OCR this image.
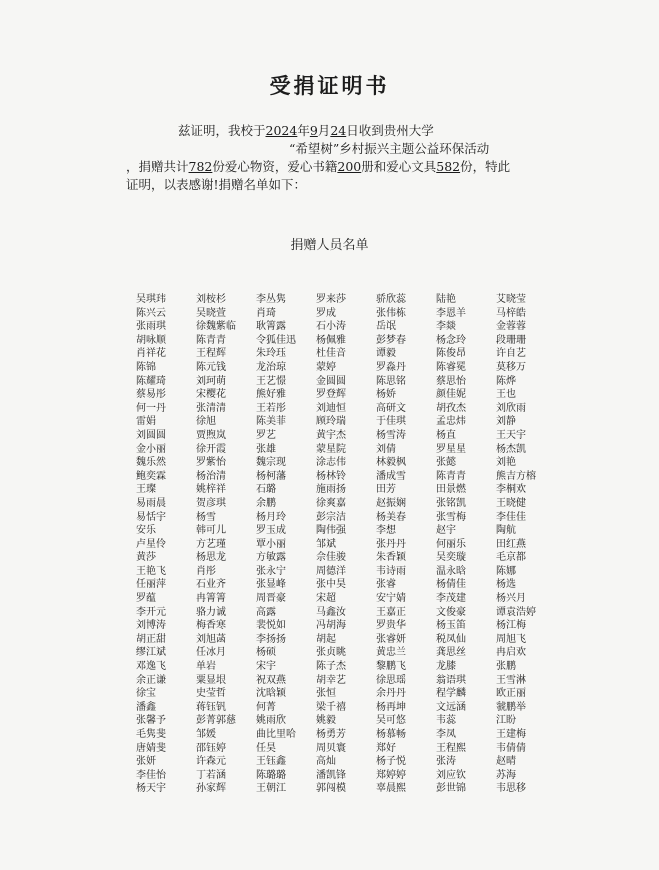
受捐证明书
兹证明，我校于2024年9月24日收到贵州大学
“希望树”乡村振兴主题公益环保活动
，捐赠共计782份爱心物资，爱心书籍200册和爱心文具582份，特此
证明，以表感谢!捐赠名单如下：
捐赠人员名单
吴琪玮	刘桉杉	李丛隽	罗来莎	骄欣蕊	陆艳	艾晓莹
陈兴云	吴晓萱	肖琦	罗成	张伟栋	李恩羊	马梓皓
张雨琪	徐魏紫临	耿箐露	石小涛	岳氓	李燚	金蓉蓉
胡咏顺	陈青青	令狐佳迅	杨佩雅	彭梦春	杨念玲	段珊珊
肖祥花	王程辉	朱玲珏	杜佳音	谭毅	陈俊昂	许自艺
陈锦	陈元钱	龙治琼	蒙婷	罗淼丹	陈睿冕	莫移万
陈耀琦	刘珂萌	王艺憬	金圆圆	陈思铭	蔡思怡	陈烨
蔡易彤	宋樱花	熊好雅	罗登辉	杨娇	颜佳妮	王也
何一丹	张清清	王若彤	刘迪恒	高研文	胡孜杰	刘欣雨
雷娟	徐旭	陈美菲	顾玲瑞	于佳琪	孟忠炜	刘静
刘圆圆	贾煦岚	罗艺	黄宇杰	杨雪涛	杨直	王天宇
金小丽	徐开霞	张雄	蒙星院	刘倩	罗星星	杨杰凯
魏乐然	罗紫怡	魏宗现	涂志伟	林毅枫	张懿	刘艳
鲍奕霖	杨治清	杨柯藩	杨林铃	潘成雪	陈青青	熊吉方榕
王璨	姚梓祥	石璐	施雨扬	田芳	田景燃	李桐欢
易雨晨	贺彦琪	余鹏	徐爽嘉	赵振娴	张铭凯	王晓健
易恬宇	杨雪	杨月玲	彭宗洁	杨美春	张雪梅	李佳佳
安乐	韩可儿	罗玉成	陶伟强	李想	赵宇	陶航
卢星伶	方艺瑾	覃小丽	邹斌	张丹丹	何丽乐	田红燕
黄莎	杨思龙	方敏露	佘佳骏	朱香颖	吴奕璇	毛京都
王艳飞	肖彤	张永宁	周德洋	韦诗雨	温永晗	陈娜
任丽萍	石业齐	张显峰	张中昊	张睿	杨倩佳	杨选
罗蕴	冉箐箐	周晋豪	宋超	安宁婧	李茂建	杨兴月
李开元	骆力诚	高露	马鑫汝	王嘉正	文俊豪	谭袁浩婷
刘博涛	梅香寒	裴悦如	冯胡海	罗贵华	杨玉笛	杨江梅
胡正甜	刘旭菡	李扬扬	胡起	张睿妍	税凤仙	周旭飞
缪江斌	任冰月	杨硕	张贞眺	黄忠兰	龚思丝	冉启欢
邓逸飞	单岩	宋宇	陈子杰	黎鹏飞	龙膝	张鹏
余正谦	粟显垠	祝双燕	胡幸艺	徐思瑶	翁语琪	王雪淋
徐宝	史莹哲	沈晗颖	张恒	余丹丹	程学麟	欧正丽
潘鑫	蒋钰钒	何菁	梁千禧	杨再坤	文远涵	虢鹏举
张馨予	彭菁郭慈	姚雨欣	姚毅	吴可悠	韦蕊	江盼
毛隽斐	邹媛	曲比里哈	杨勇芳	杨慕畅	李凤	王建梅
唐婧斐	邵钰婷	任昊	周贝寰	郑好	王程熙	韦倩倩
张妍	许森元	王钰鑫	高灿	杨子悦	张涛	赵晴
李佳怡	丁若涵	陈璐璐	潘凯锋	郑婷婷	刘应钦	苏海
杨天宇	孙家辉	王朝江	郭闯模	辜晨熙	彭世锦	韦思移
